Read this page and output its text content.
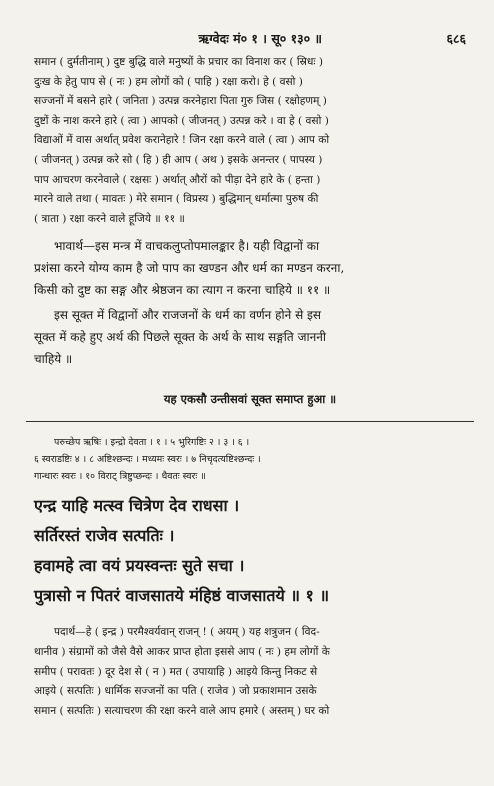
ऋग्वेदः मं० १ । सू० १३० ॥	६८६
समान ( दुर्मतीनाम् ) दुष्ट बुद्धि वाले मनुष्यों के प्रचार का विनाश कर ( स्रिधः )
दुःख के हेतु पाप से ( नः ) हम लोगों को ( पाहि ) रक्षा करो। हे ( वसो )
सज्जनों में बसने हारे ( जनिता ) उत्पन्न करनेहारा पिता गुरु जिस ( रक्षोहणम् )
दुष्टों के नाश करने हारे ( त्वा ) आपको ( जीजनत् ) उत्पन्न करे । वा हे ( वसो )
विद्याओं में वास अर्थात् प्रवेश करानेहारे ! जिन रक्षा करने वाले ( त्वा ) आप को
( जीजनत् ) उत्पन्न करे सो ( हि ) ही आप ( अथ ) इसके अनन्तर ( पापस्य )
पाप आचरण करनेवाले ( रक्षसः ) अर्थात् औरों को पीड़ा देने हारे के ( हन्ता )
मारने वाले तथा ( मावतः ) मेरे समान ( विप्रस्य ) बुद्धिमान् धर्मात्मा पुरुष की
( त्राता ) रक्षा करने वाले हूजिये ॥ ११ ॥
भावार्थ—इस मन्त्र में वाचकलुप्तोपमालङ्कार है। यही विद्वानों का
प्रशंसा करने योग्य काम है जो पाप का खण्डन और धर्म का मण्डन करना,
किसी को दुष्ट का सङ्ग और श्रेष्ठजन का त्याग न करना चाहिये ॥ ११ ॥
इस सूक्त में विद्वानों और राजजनों के धर्म का वर्णन होने से इस
सूक्त में कहे हुए अर्थ की पिछले सूक्त के अर्थ के साथ सङ्गति जाननी
चाहिये ॥
यह एकसौ उन्तीसवां सूक्त समाप्त हुआ ॥
परुच्छेप ऋषिः । इन्द्रो देवता । १ । ५ भुरिगष्टिः २ । ३ । ६ ।
६ स्वराडष्टिः ४ । ८ अष्टिश्छन्दः । मध्यमः स्वरः । ७ निचृदत्यष्टिश्छन्दः ।
गान्धारः स्वरः । १० विराट् त्रिष्टुप्छन्दः । धैवतः स्वरः ॥
एन्द्र याहि मत्स्व चित्रेण देव राधसा ।
सर्तिरस्तं राजेव सत्पतिः ।
हवामहे त्वा वयं प्रयस्वन्तः सुते सचा ।
पुत्रासो न पितरं वाजसातये मंहिष्ठं वाजसातये ॥ १ ॥
पदार्थ—हे ( इन्द्र ) परमैश्वर्यवान् राजन् ! ( अयम् ) यह शत्रुजन ( विद-
थानीव ) संग्रामों को जैसे वैसे आकर प्राप्त होता इससे आप ( नः ) हम लोगों के
समीप ( परावतः ) दूर देश से ( न ) मत ( उपायाहि ) आइये किन्तु निकट से
आइये ( सत्पतिः ) धार्मिक सज्जनों का पति ( राजेव ) जो प्रकाशमान उसके
समान ( सत्पतिः ) सत्याचरण की रक्षा करने वाले आप हमारे ( अस्तम् ) घर को
